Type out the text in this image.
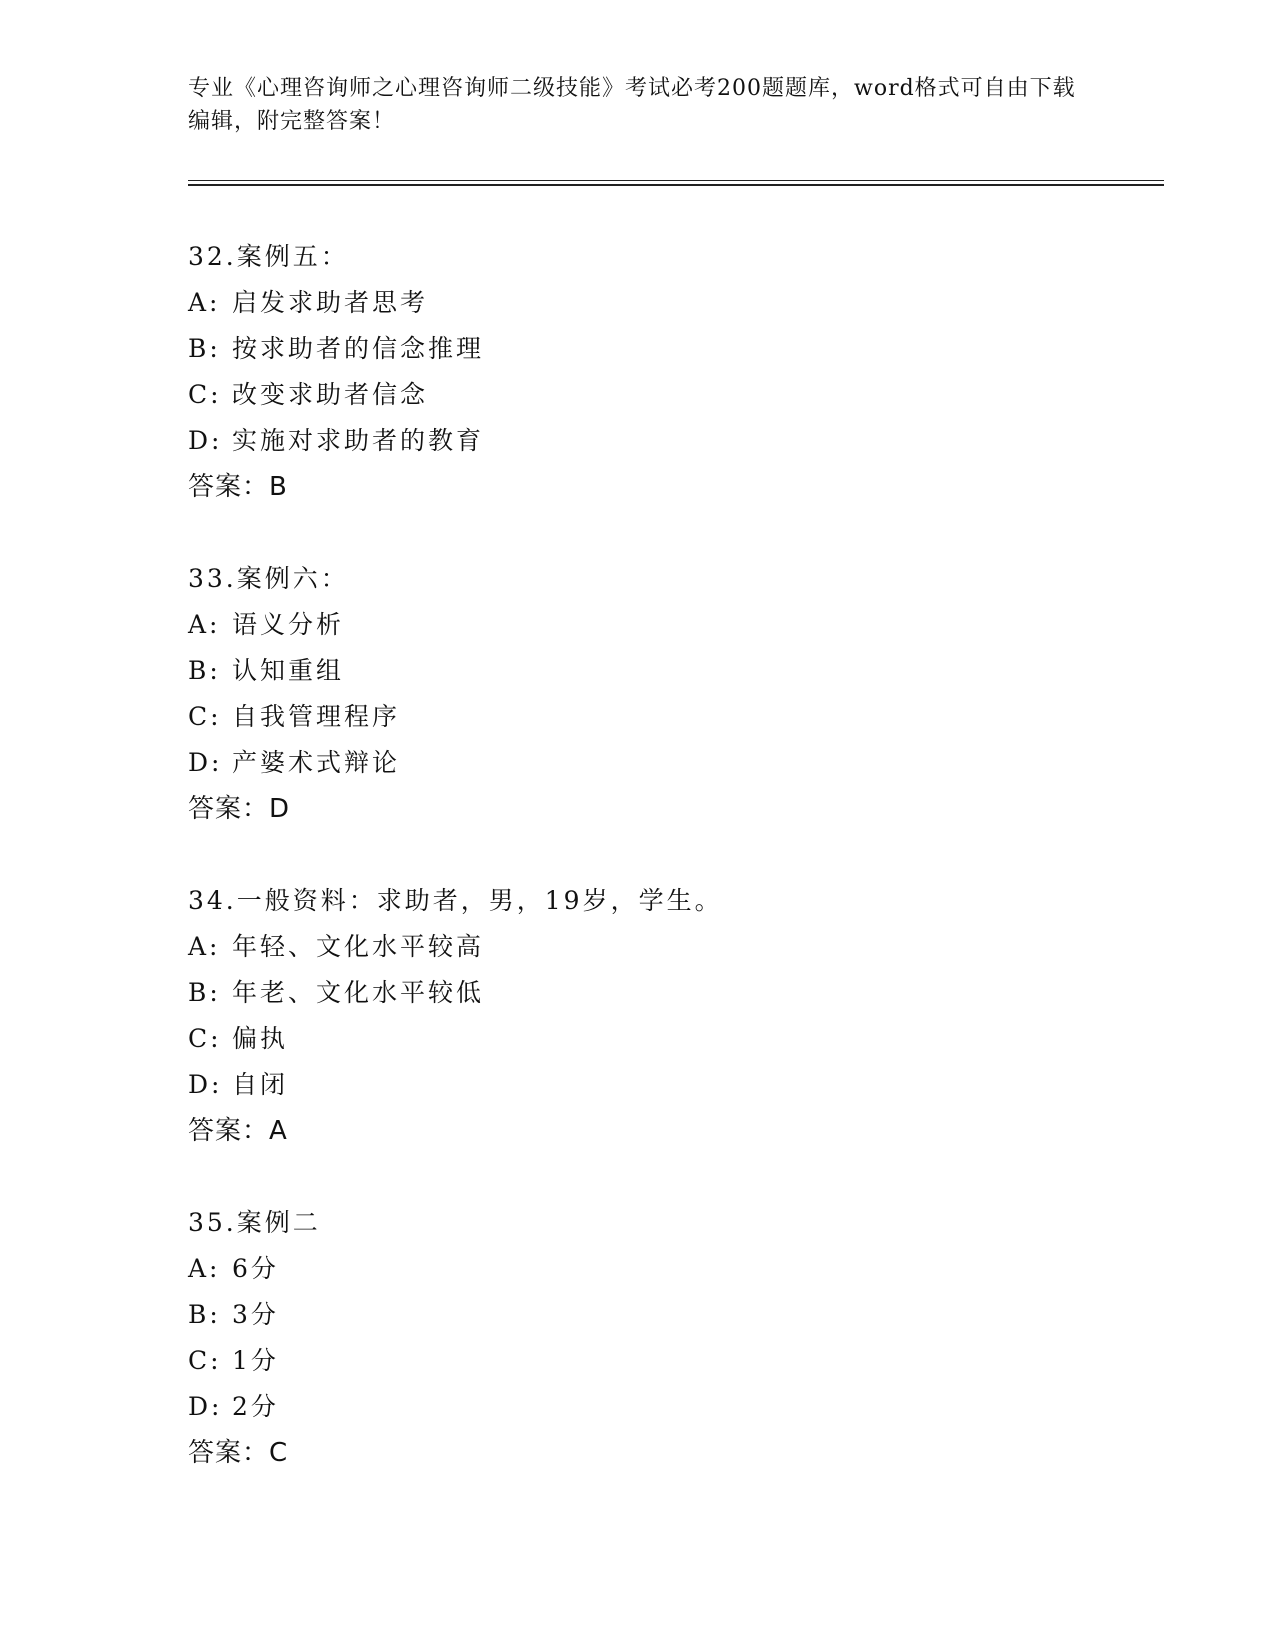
专业《心理咨询师之心理咨询师二级技能》考试必考200题题库，word格式可自由下载编辑，附完整答案！
32.案例五：
A: 启发求助者思考
B: 按求助者的信念推理
C: 改变求助者信念
D: 实施对求助者的教育
答案：B
33.案例六：
A: 语义分析
B: 认知重组
C: 自我管理程序
D: 产婆术式辩论
答案：D
34.一般资料：求助者，男，19岁，学生。
A: 年轻、文化水平较高
B: 年老、文化水平较低
C: 偏执
D: 自闭
答案：A
35.案例二
A: 6分
B: 3分
C: 1分
D: 2分
答案：C
